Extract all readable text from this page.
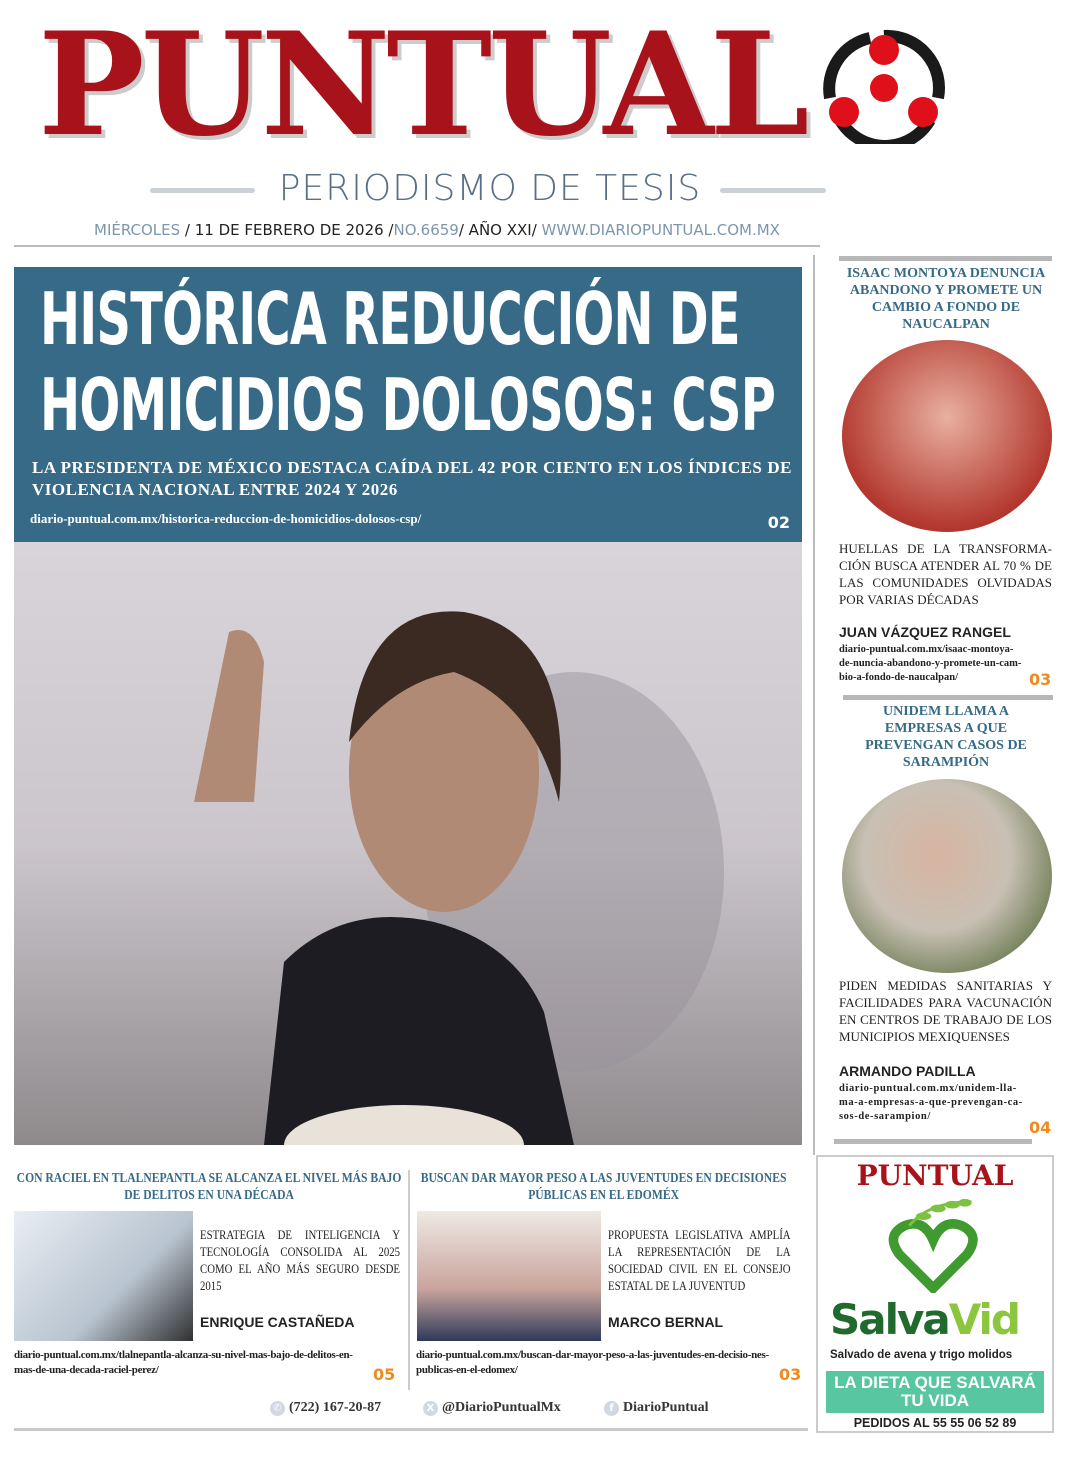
PUNTUAL
PERIODISMO DE TESIS
MIÉRCOLES / 11 DE FEBRERO DE 2026 /NO.6659/ AÑO XXI/ WWW.DIARIOPUNTUAL.COM.MX
HISTÓRICA REDUCCIÓN DE
HOMICIDIOS DOLOSOS: CSP
LA PRESIDENTA DE MÉXICO DESTACA CAÍDA DEL 42 POR CIENTO EN LOS ÍNDICES DE VIOLENCIA NACIONAL ENTRE 2024 Y 2026
diario-puntual.com.mx/historica-reduccion-de-homicidios-dolosos-csp/	02
ISAAC MONTOYA DENUNCIA ABANDONO Y PROMETE UN CAMBIO A FONDO DE NAUCALPAN
HUELLAS DE LA TRANSFORMA-CIÓN BUSCA ATENDER AL 70 % DE LAS COMUNIDADES OLVIDADAS POR VARIAS DÉCADAS
JUAN VÁZQUEZ RANGEL
diario-puntual.com.mx/isaac-montoya-de-nuncia-abandono-y-promete-un-cam-bio-a-fondo-de-naucalpan/	03
UNIDEM LLAMA A EMPRESAS A QUE PREVENGAN CASOS DE SARAMPIÓN
PIDEN MEDIDAS SANITARIAS Y FACILIDADES PARA VACUNACIÓN EN CENTROS DE TRABAJO DE LOS MUNICIPIOS MEXIQUENSES
ARMANDO PADILLA
diario-puntual.com.mx/unidem-lla-ma-a-empresas-a-que-prevengan-ca-sos-de-sarampion/
04
CON RACIEL EN TLALNEPANTLA SE ALCANZA EL NIVEL MÁS BAJO DE DELITOS EN UNA DÉCADA
ESTRATEGIA DE INTELIGENCIA Y TECNOLOGÍA CONSOLIDA AL 2025 COMO EL AÑO MÁS SEGURO DESDE 2015
ENRIQUE CASTAÑEDA
diario-puntual.com.mx/tlalnepantla-alcanza-su-nivel-mas-bajo-de-delitos-en-mas-de-una-decada-raciel-perez/	05
BUSCAN DAR MAYOR PESO A LAS JUVENTUDES EN DECISIONES PÚBLICAS EN EL EDOMÉX
PROPUESTA LEGISLATIVA AMPLÍA LA REPRESENTACIÓN DE LA SOCIEDAD CIVIL EN EL CONSEJO ESTATAL DE LA JUVENTUD
MARCO BERNAL
diario-puntual.com.mx/buscan-dar-mayor-peso-a-las-juventudes-en-decisio-nes-publicas-en-el-edomex/	03
✆ (722) 167-20-87	X @DiarioPuntualMx	f DiarioPuntual
PUNTUAL
SalvaVid
Salvado de avena y trigo molidos
LA DIETA QUE SALVARÁ TU VIDA
PEDIDOS AL 55 55 06 52 89
